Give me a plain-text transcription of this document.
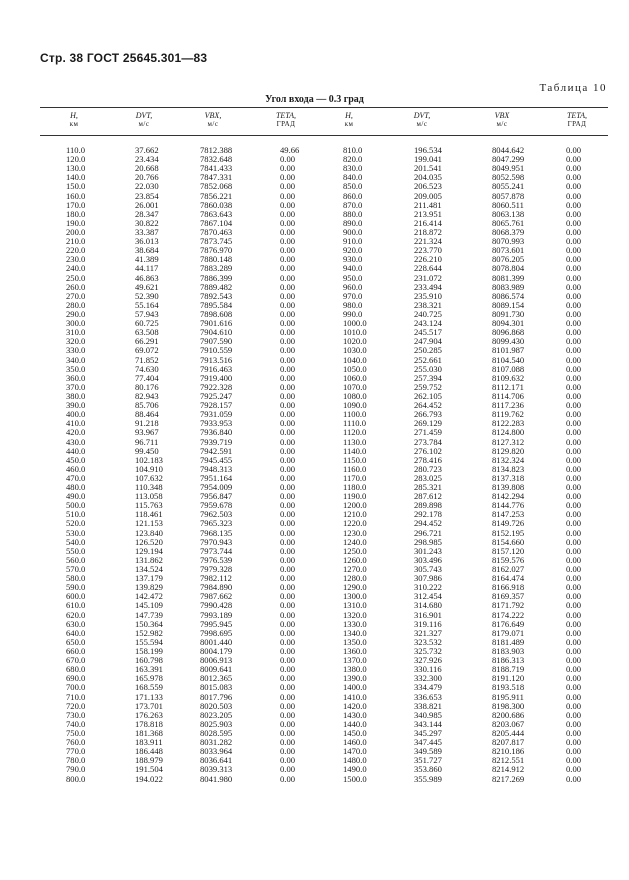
Стр. 38 ГОСТ 25645.301—83
Таблица 10
Угол входа — 0.3 град
H,
км
DVT,
м/с
VBX,
м/с
TETA,
ГРАД
H,
км
DVT,
м/с
VBX
м/с
TETA,
ГРАД
110.0	37.662	7812.388	49.66	810.0	196.534	8044.642	0.00
120.0	23.434	7832.648	0.00	820.0	199.041	8047.299	0.00
130.0	20.668	7841.433	0.00	830.0	201.541	8049.951	0.00
140.0	20.766	7847.331	0.00	840.0	204.035	8052.598	0.00
150.0	22.030	7852.068	0.00	850.0	206.523	8055.241	0.00
160.0	23.854	7856.221	0.00	860.0	209.005	8057.878	0.00
170.0	26.001	7860.038	0.00	870.0	211.481	8060.511	0.00
180.0	28.347	7863.643	0.00	880.0	213.951	8063.138	0.00
190.0	30.822	7867.104	0.00	890.0	216.414	8065.761	0.00
200.0	33.387	7870.463	0.00	900.0	218.872	8068.379	0.00
210.0	36.013	7873.745	0.00	910.0	221.324	8070.993	0.00
220.0	38.684	7876.970	0.00	920.0	223.770	8073.601	0.00
230.0	41.389	7880.148	0.00	930.0	226.210	8076.205	0.00
240.0	44.117	7883.289	0.00	940.0	228.644	8078.804	0.00
250.0	46.863	7886.399	0.00	950.0	231.072	8081.399	0.00
260.0	49.621	7889.482	0.00	960.0	233.494	8083.989	0.00
270.0	52.390	7892.543	0.00	970.0	235.910	8086.574	0.00
280.0	55.164	7895.584	0.00	980.0	238.321	8089.154	0.00
290.0	57.943	7898.608	0.00	990.0	240.725	8091.730	0.00
300.0	60.725	7901.616	0.00	1000.0	243.124	8094.301	0.00
310.0	63.508	7904.610	0.00	1010.0	245.517	8096.868	0.00
320.0	66.291	7907.590	0.00	1020.0	247.904	8099.430	0.00
330.0	69.072	7910.559	0.00	1030.0	250.285	8101.987	0.00
340.0	71.852	7913.516	0.00	1040.0	252.661	8104.540	0.00
350.0	74.630	7916.463	0.00	1050.0	255.030	8107.088	0.00
360.0	77.404	7919.400	0.00	1060.0	257.394	8109.632	0.00
370.0	80.176	7922.328	0.00	1070.0	259.752	8112.171	0.00
380.0	82.943	7925.247	0.00	1080.0	262.105	8114.706	0.00
390.0	85.706	7928.157	0.00	1090.0	264.452	8117.236	0.00
400.0	88.464	7931.059	0.00	1100.0	266.793	8119.762	0.00
410.0	91.218	7933.953	0.00	1110.0	269.129	8122.283	0.00
420.0	93.967	7936.840	0.00	1120.0	271.459	8124.800	0.00
430.0	96.711	7939.719	0.00	1130.0	273.784	8127.312	0.00
440.0	99.450	7942.591	0.00	1140.0	276.102	8129.820	0.00
450.0	102.183	7945.455	0.00	1150.0	278.416	8132.324	0.00
460.0	104.910	7948.313	0.00	1160.0	280.723	8134.823	0.00
470.0	107.632	7951.164	0.00	1170.0	283.025	8137.318	0.00
480.0	110.348	7954.009	0.00	1180.0	285.321	8139.808	0.00
490.0	113.058	7956.847	0.00	1190.0	287.612	8142.294	0.00
500.0	115.763	7959.678	0.00	1200.0	289.898	8144.776	0.00
510.0	118.461	7962.503	0.00	1210.0	292.178	8147.253	0.00
520.0	121.153	7965.323	0.00	1220.0	294.452	8149.726	0.00
530.0	123.840	7968.135	0.00	1230.0	296.721	8152.195	0.00
540.0	126.520	7970.943	0.00	1240.0	298.985	8154.660	0.00
550.0	129.194	7973.744	0.00	1250.0	301.243	8157.120	0.00
560.0	131.862	7976.539	0.00	1260.0	303.496	8159.576	0.00
570.0	134.524	7979.328	0.00	1270.0	305.743	8162.027	0.00
580.0	137.179	7982.112	0.00	1280.0	307.986	8164.474	0.00
590.0	139.829	7984.890	0.00	1290.0	310.222	8166.918	0.00
600.0	142.472	7987.662	0.00	1300.0	312.454	8169.357	0.00
610.0	145.109	7990.428	0.00	1310.0	314.680	8171.792	0.00
620.0	147.739	7993.189	0.00	1320.0	316.901	8174.222	0.00
630.0	150.364	7995.945	0.00	1330.0	319.116	8176.649	0.00
640.0	152.982	7998.695	0.00	1340.0	321.327	8179.071	0.00
650.0	155.594	8001.440	0.00	1350.0	323.532	8181.489	0.00
660.0	158.199	8004.179	0.00	1360.0	325.732	8183.903	0.00
670.0	160.798	8006.913	0.00	1370.0	327.926	8186.313	0.00
680.0	163.391	8009.641	0.00	1380.0	330.116	8188.719	0.00
690.0	165.978	8012.365	0.00	1390.0	332.300	8191.120	0.00
700.0	168.559	8015.083	0.00	1400.0	334.479	8193.518	0.00
710.0	171.133	8017.796	0.00	1410.0	336.653	8195.911	0.00
720.0	173.701	8020.503	0.00	1420.0	338.821	8198.300	0.00
730.0	176.263	8023.205	0.00	1430.0	340.985	8200.686	0.00
740.0	178.818	8025.903	0.00	1440.0	343.144	8203.067	0.00
750.0	181.368	8028.595	0.00	1450.0	345.297	8205.444	0.00
760.0	183.911	8031.282	0.00	1460.0	347.445	8207.817	0.00
770.0	186.448	8033.964	0.00	1470.0	349.589	8210.186	0.00
780.0	188.979	8036.641	0.00	1480.0	351.727	8212.551	0.00
790.0	191.504	8039.313	0.00	1490.0	353.860	8214.912	0.00
800.0	194.022	8041.980	0.00	1500.0	355.989	8217.269	0.00
